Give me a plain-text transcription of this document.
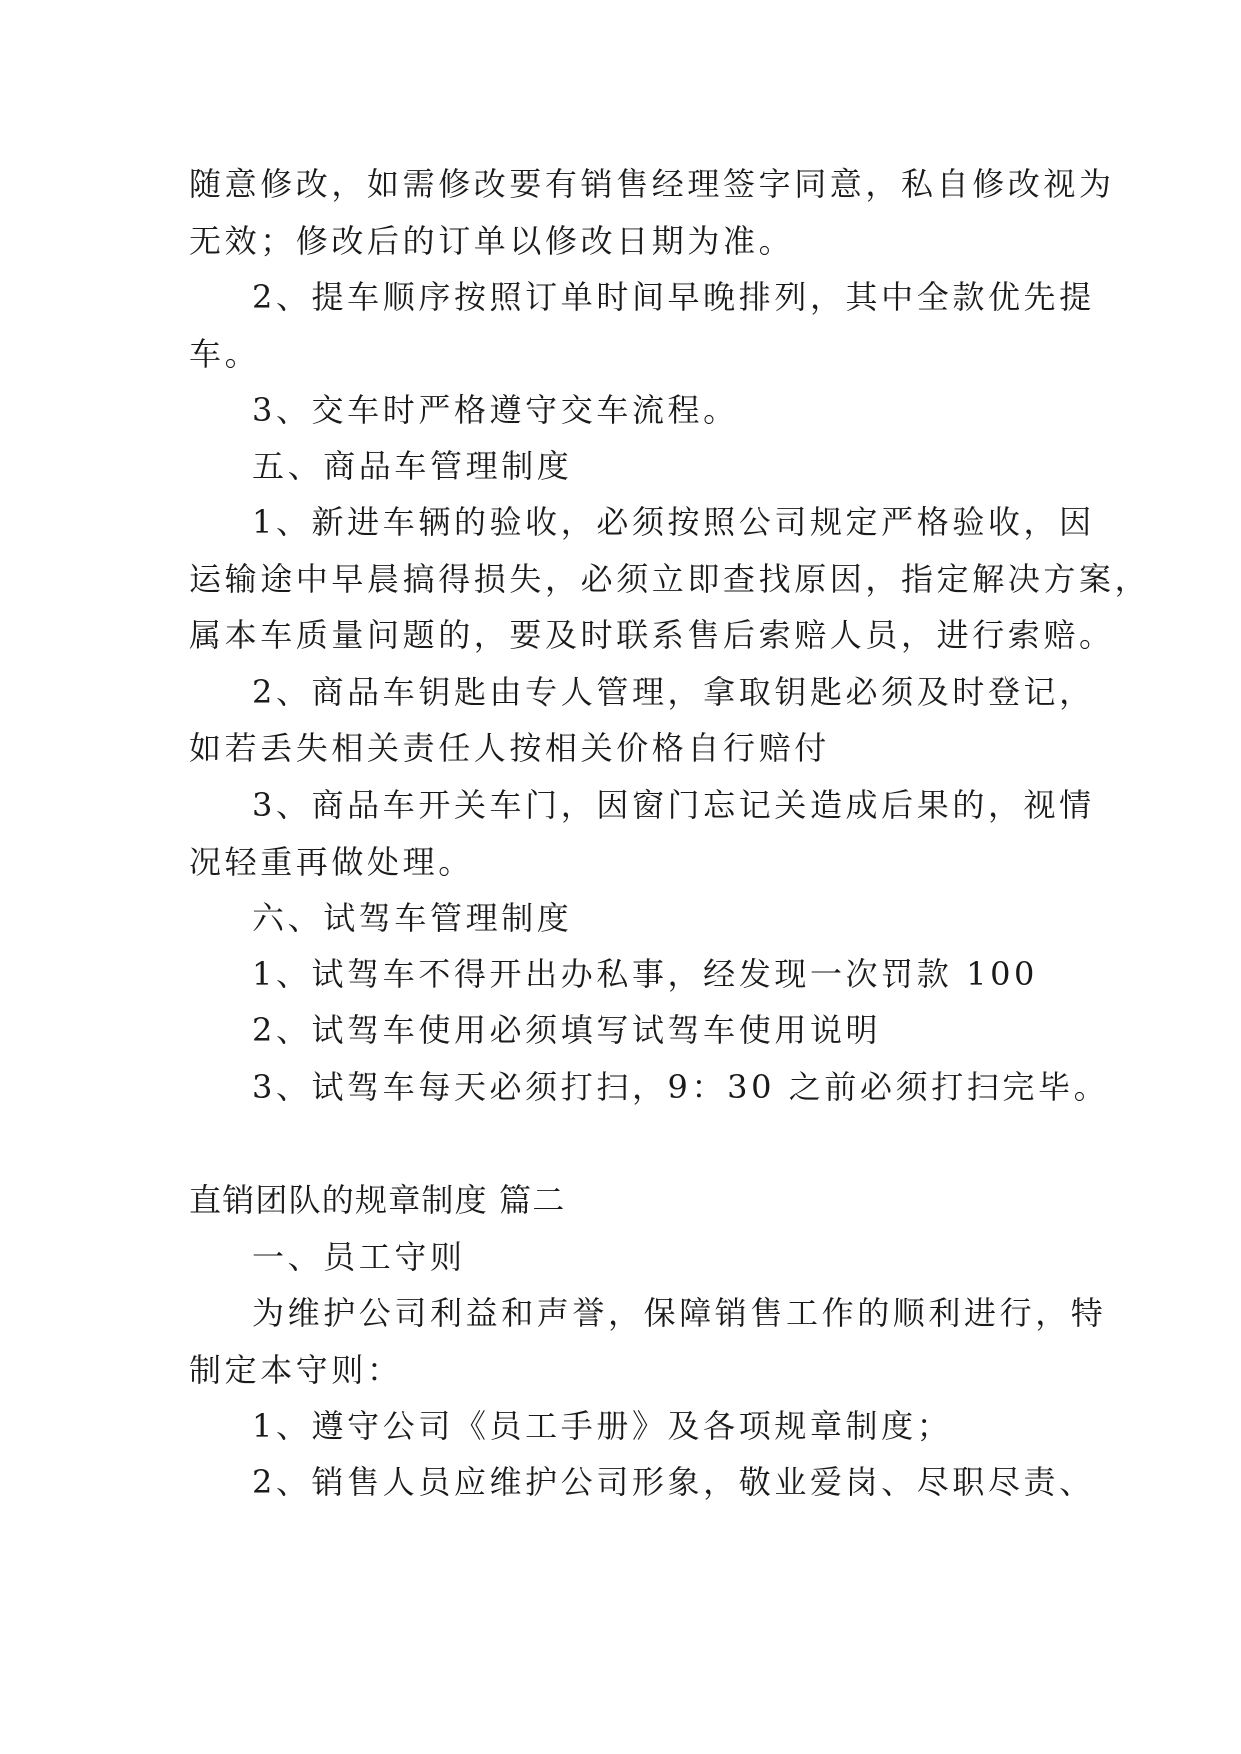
随意修改，如需修改要有销售经理签字同意，私自修改视为
无效；修改后的订单以修改日期为准。
2、提车顺序按照订单时间早晚排列，其中全款优先提
车。
3、交车时严格遵守交车流程。
五、商品车管理制度
1、新进车辆的验收，必须按照公司规定严格验收，因
运输途中早晨搞得损失，必须立即查找原因，指定解决方案，
属本车质量问题的，要及时联系售后索赔人员，进行索赔。
2、商品车钥匙由专人管理，拿取钥匙必须及时登记，
如若丢失相关责任人按相关价格自行赔付
3、商品车开关车门，因窗门忘记关造成后果的，视情
况轻重再做处理。
六、试驾车管理制度
1、试驾车不得开出办私事，经发现一次罚款 100
2、试驾车使用必须填写试驾车使用说明
3、试驾车每天必须打扫，9：30 之前必须打扫完毕。
直销团队的规章制度 篇二
一、员工守则
为维护公司利益和声誉，保障销售工作的顺利进行，特
制定本守则：
1、遵守公司《员工手册》及各项规章制度；
2、销售人员应维护公司形象，敬业爱岗、尽职尽责、
